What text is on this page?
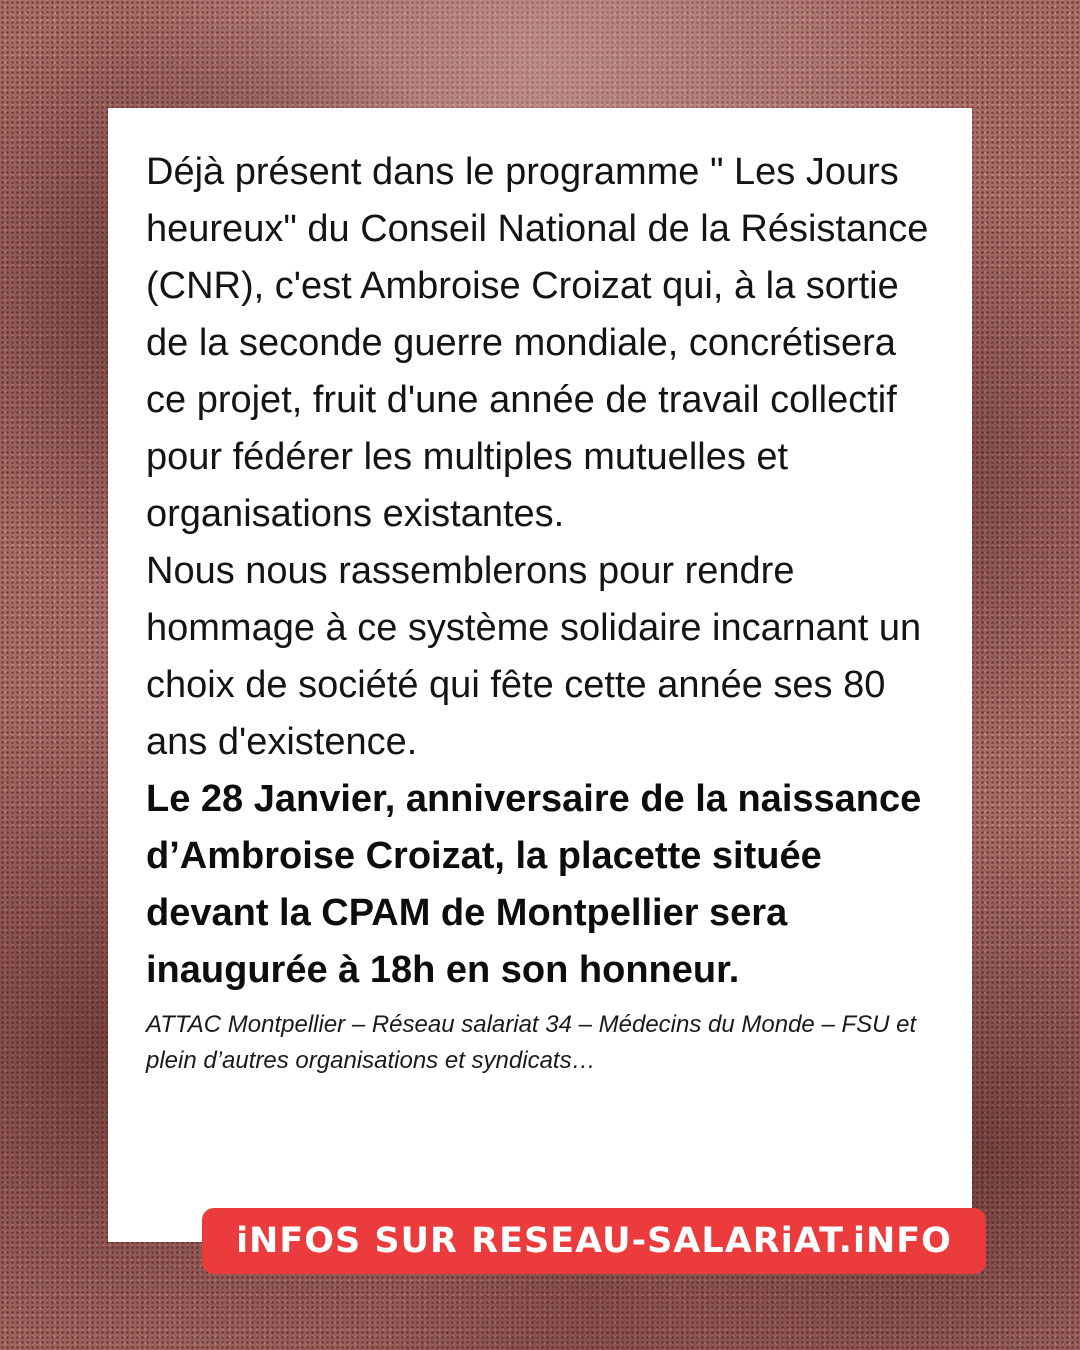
Déjà présent dans le programme " Les Jours heureux" du Conseil National de la Résistance (CNR), c'est Ambroise Croizat qui, à la sortie de la seconde guerre mondiale, concrétisera ce projet, fruit d'une année de travail collectif pour fédérer les multiples mutuelles et organisations existantes.

Nous nous rassemblerons pour rendre hommage à ce système solidaire incarnant un choix de société qui fête cette année ses 80 ans d'existence.

Le 28 Janvier, anniversaire de la naissance d’Ambroise Croizat, la placette située devant la CPAM de Montpellier sera inaugurée à 18h en son honneur.

ATTAC Montpellier – Réseau salariat 34 – Médecins du Monde – FSU et plein d’autres organisations et syndicats…

iNFOS SUR RESEAU-SALARiAT.iNFO
